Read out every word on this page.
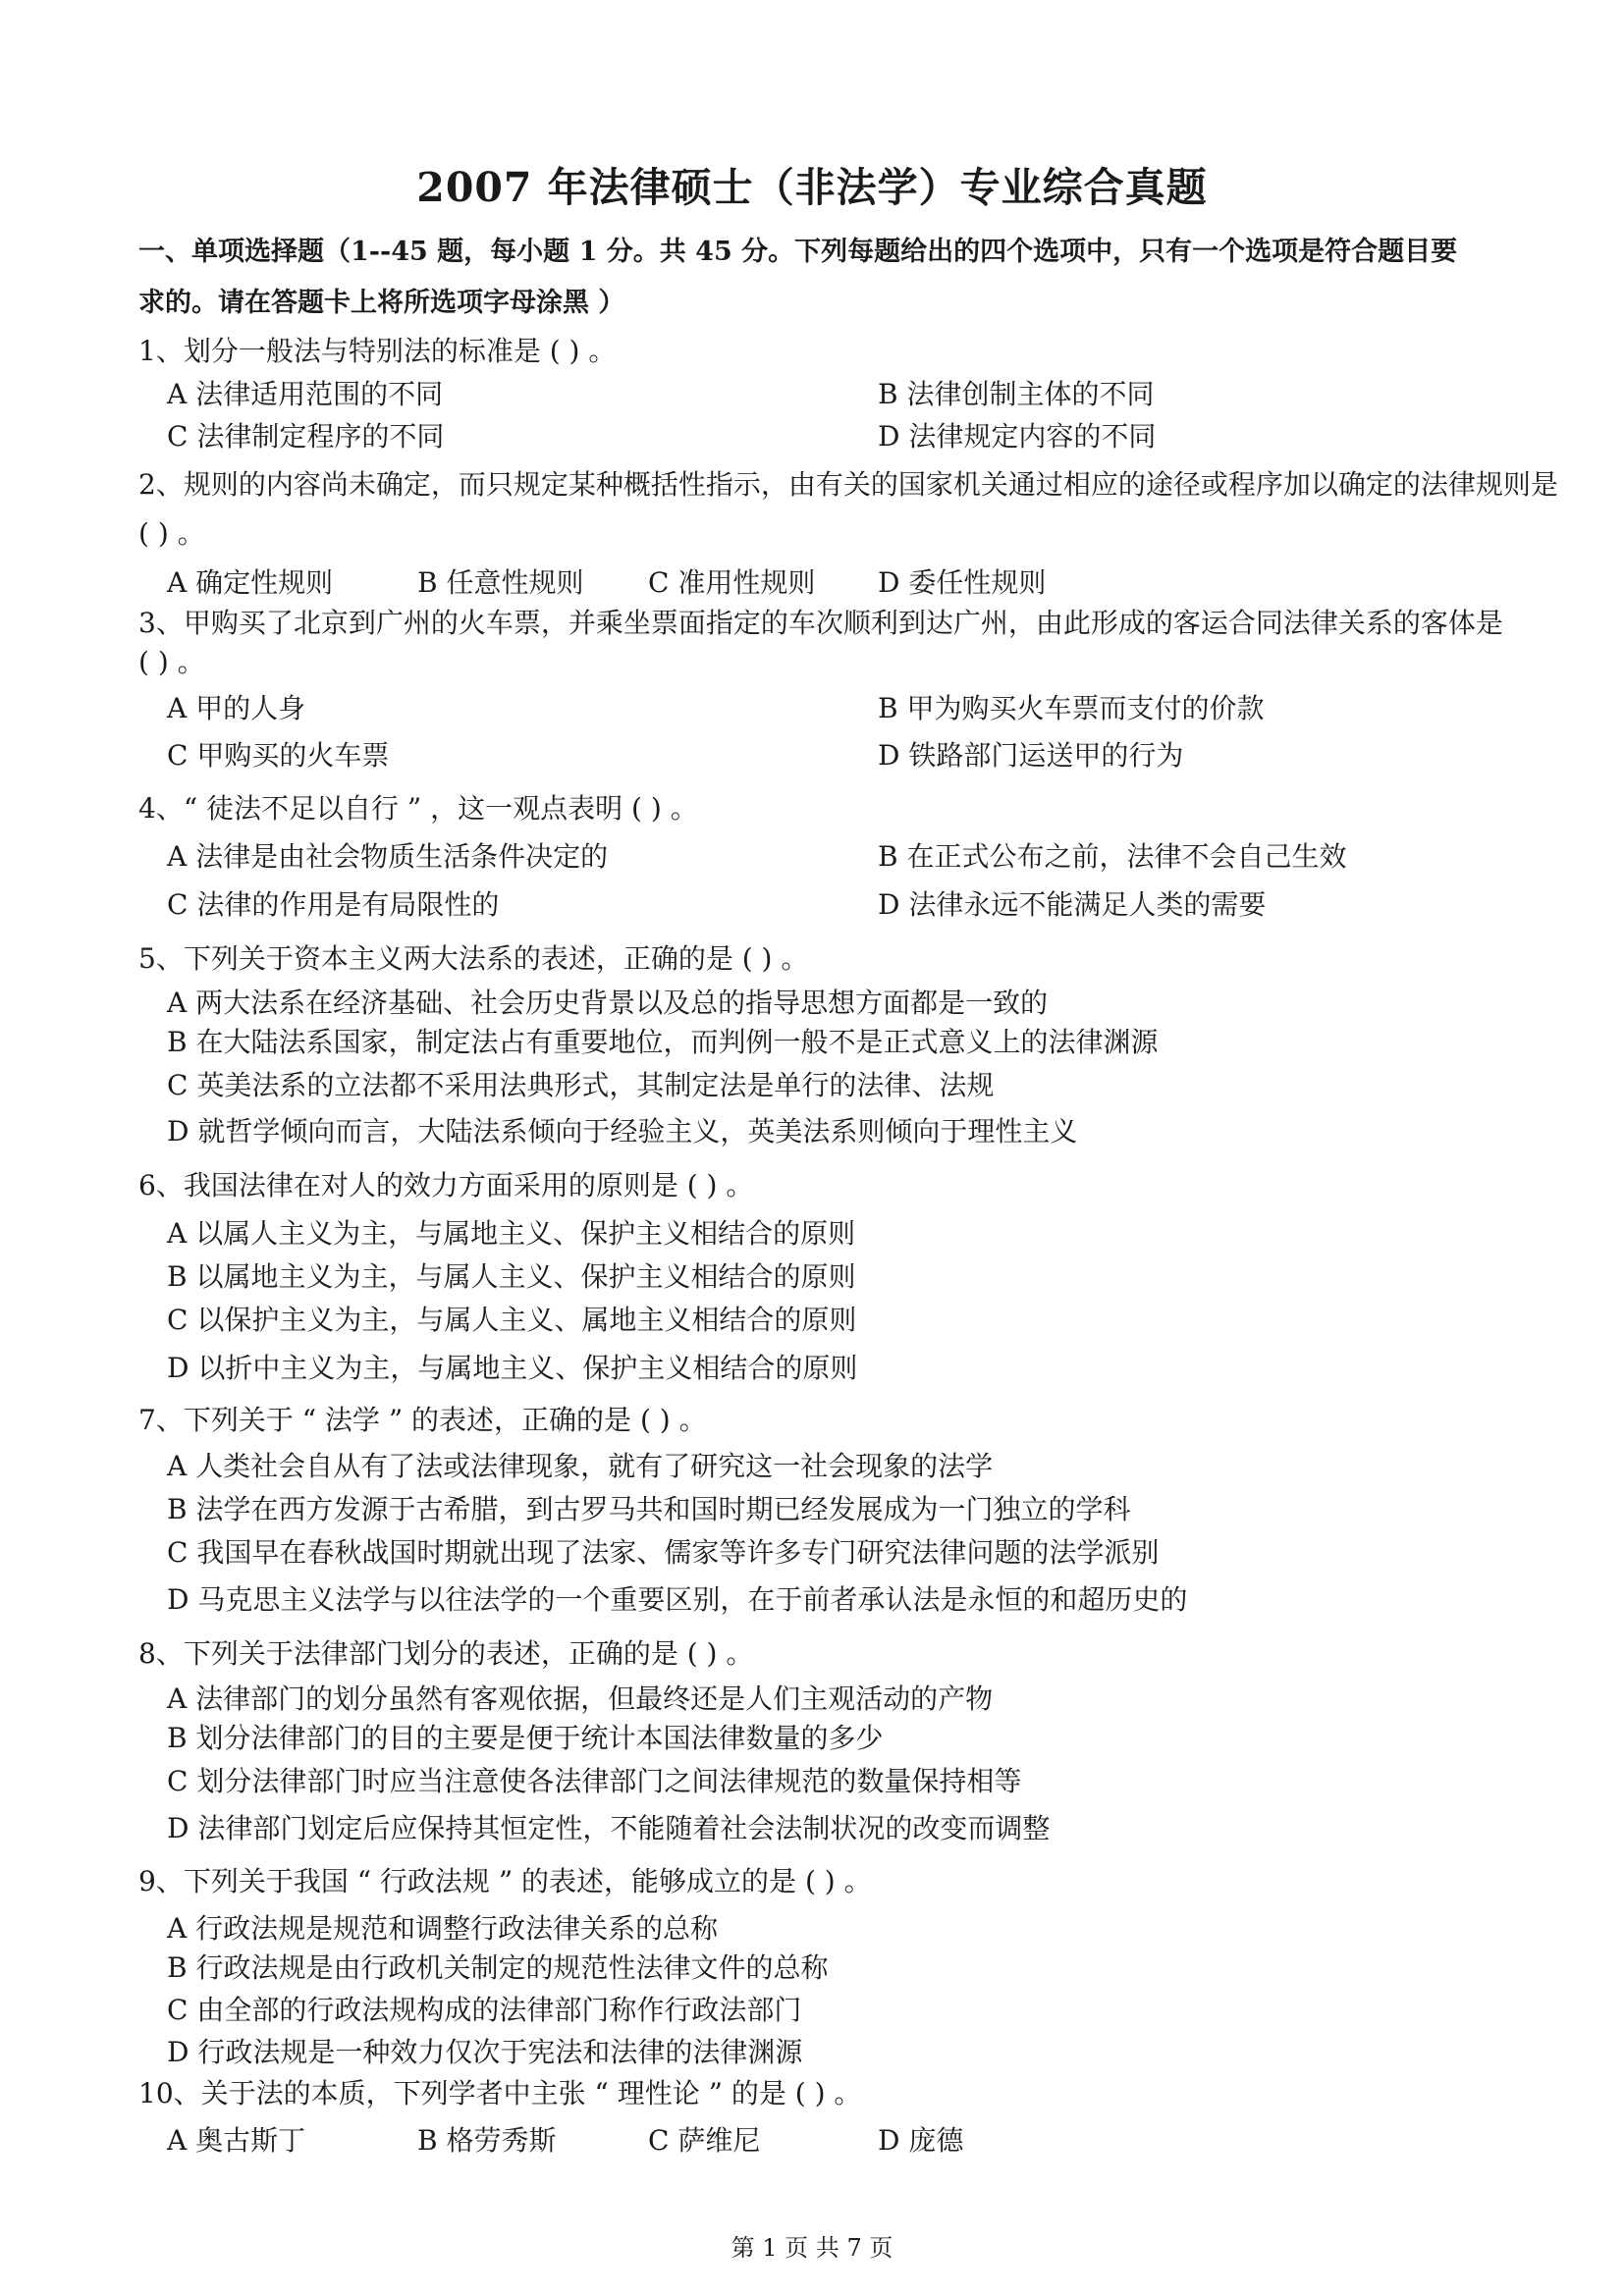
2007 年法律硕士（非法学）专业综合真题
一、单项选择题（1--45 题，每小题 1 分。共 45 分。下列每题给出的四个选项中，只有一个选项是符合题目要
求的。请在答题卡上将所选项字母涂黑 ）
1、划分一般法与特别法的标准是 ( ) 。
A 法律适用范围的不同	B 法律创制主体的不同
C 法律制定程序的不同	D 法律规定内容的不同
2、规则的内容尚未确定，而只规定某种概括性指示，由有关的国家机关通过相应的途径或程序加以确定的法律规则是
( ) 。
A 确定性规则	B 任意性规则 C 准用性规则 D 委任性规则
3、甲购买了北京到广州的火车票，并乘坐票面指定的车次顺利到达广州，由此形成的客运合同法律关系的客体是
( ) 。
A 甲的人身	B 甲为购买火车票而支付的价款
C 甲购买的火车票	D 铁路部门运送甲的行为
4、“ 徒法不足以自行 ” ，这一观点表明 ( ) 。
A 法律是由社会物质生活条件决定的	B 在正式公布之前，法律不会自己生效
C 法律的作用是有局限性的	D 法律永远不能满足人类的需要
5、下列关于资本主义两大法系的表述，正确的是 ( ) 。
A 两大法系在经济基础、社会历史背景以及总的指导思想方面都是一致的
B 在大陆法系国家，制定法占有重要地位，而判例一般不是正式意义上的法律渊源
C 英美法系的立法都不采用法典形式，其制定法是单行的法律、法规
D 就哲学倾向而言，大陆法系倾向于经验主义，英美法系则倾向于理性主义
6、我国法律在对人的效力方面采用的原则是 ( ) 。
A 以属人主义为主，与属地主义、保护主义相结合的原则
B 以属地主义为主，与属人主义、保护主义相结合的原则
C 以保护主义为主，与属人主义、属地主义相结合的原则
D 以折中主义为主，与属地主义、保护主义相结合的原则
7、下列关于 “ 法学 ” 的表述，正确的是 ( ) 。
A 人类社会自从有了法或法律现象，就有了研究这一社会现象的法学
B 法学在西方发源于古希腊，到古罗马共和国时期已经发展成为一门独立的学科
C 我国早在春秋战国时期就出现了法家、儒家等许多专门研究法律问题的法学派别
D 马克思主义法学与以往法学的一个重要区别，在于前者承认法是永恒的和超历史的
8、下列关于法律部门划分的表述，正确的是 ( ) 。
A 法律部门的划分虽然有客观依据，但最终还是人们主观活动的产物
B 划分法律部门的目的主要是便于统计本国法律数量的多少
C 划分法律部门时应当注意使各法律部门之间法律规范的数量保持相等
D 法律部门划定后应保持其恒定性，不能随着社会法制状况的改变而调整
9、下列关于我国 “ 行政法规 ” 的表述，能够成立的是 ( ) 。
A 行政法规是规范和调整行政法律关系的总称
B 行政法规是由行政机关制定的规范性法律文件的总称
C 由全部的行政法规构成的法律部门称作行政法部门
D 行政法规是一种效力仅次于宪法和法律的法律渊源
10、关于法的本质，下列学者中主张 “ 理性论 ” 的是 ( ) 。
A 奥古斯丁	B 格劳秀斯	C 萨维尼	D 庞德
第 1 页 共 7 页
